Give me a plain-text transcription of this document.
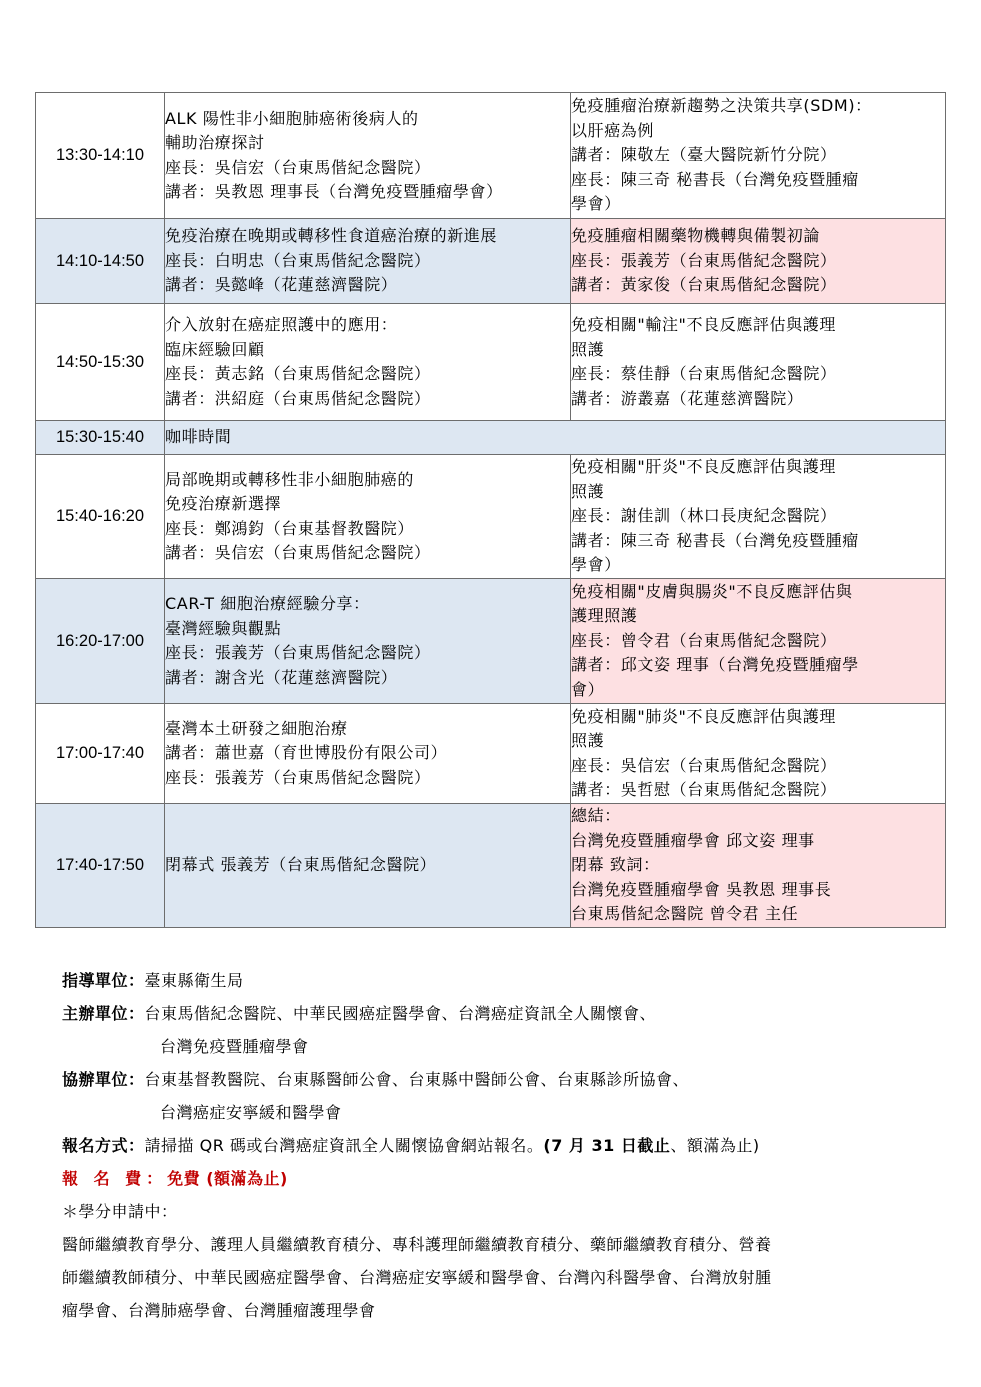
13:30-14:10	ALK 陽性非小細胞肺癌術後病人的
輔助治療探討
座長：吳信宏（台東馬偕紀念醫院）
講者：吳教恩 理事長（台灣免疫暨腫瘤學會）	免疫腫瘤治療新趨勢之決策共享(SDM)：
以肝癌為例
講者：陳敬左（臺大醫院新竹分院）
座長：陳三奇 秘書長（台灣免疫暨腫瘤
學會）

14:10-14:50	免疫治療在晚期或轉移性食道癌治療的新進展
座長：白明忠（台東馬偕紀念醫院）
講者：吳懿峰（花蓮慈濟醫院）	免疫腫瘤相關藥物機轉與備製初論
座長：張義芳（台東馬偕紀念醫院）
講者：黃家俊（台東馬偕紀念醫院）

14:50-15:30	介入放射在癌症照護中的應用：
臨床經驗回顧
座長：黃志銘（台東馬偕紀念醫院）
講者：洪紹庭（台東馬偕紀念醫院）	免疫相關"輸注"不良反應評估與護理
照護
座長：蔡佳靜（台東馬偕紀念醫院）
講者：游叢嘉（花蓮慈濟醫院）

15:30-15:40	咖啡時間	
15:40-16:20	局部晚期或轉移性非小細胞肺癌的
免疫治療新選擇
座長：鄭鴻鈞（台東基督教醫院）
講者：吳信宏（台東馬偕紀念醫院）	免疫相關"肝炎"不良反應評估與護理
照護
座長：謝佳訓（林口長庚紀念醫院）
講者：陳三奇 秘書長（台灣免疫暨腫瘤
學會）

16:20-17:00	CAR-T 細胞治療經驗分享：
臺灣經驗與觀點
座長：張義芳（台東馬偕紀念醫院）
講者：謝含光（花蓮慈濟醫院）	免疫相關"皮膚與腸炎"不良反應評估與
護理照護
座長：曾令君（台東馬偕紀念醫院）
講者：邱文姿 理事（台灣免疫暨腫瘤學
會）

17:00-17:40	臺灣本土研發之細胞治療
講者：蕭世嘉（育世博股份有限公司）
座長：張義芳（台東馬偕紀念醫院）	免疫相關"肺炎"不良反應評估與護理
照護
座長：吳信宏（台東馬偕紀念醫院）
講者：吳哲慰（台東馬偕紀念醫院）

17:40-17:50	閉幕式 張義芳（台東馬偕紀念醫院）	總結：
台灣免疫暨腫瘤學會 邱文姿 理事
閉幕 致詞：
台灣免疫暨腫瘤學會 吳教恩 理事長
台東馬偕紀念醫院 曾令君 主任
指導單位：臺東縣衛生局
主辦單位：台東馬偕紀念醫院、中華民國癌症醫學會、台灣癌症資訊全人關懷會、
台灣免疫暨腫瘤學會
協辦單位：台東基督教醫院、台東縣醫師公會、台東縣中醫師公會、台東縣診所協會、
台灣癌症安寧緩和醫學會
報名方式：請掃描 QR 碼或台灣癌症資訊全人關懷協會網站報名。(7 月 31 日截止、額滿為止)
報 名 費：免費 (額滿為止)
＊學分申請中：
醫師繼續教育學分、護理人員繼續教育積分、專科護理師繼續教育積分、藥師繼續教育積分、營養
師繼續教師積分、中華民國癌症醫學會、台灣癌症安寧緩和醫學會、台灣內科醫學會、台灣放射腫
瘤學會、台灣肺癌學會、台灣腫瘤護理學會
